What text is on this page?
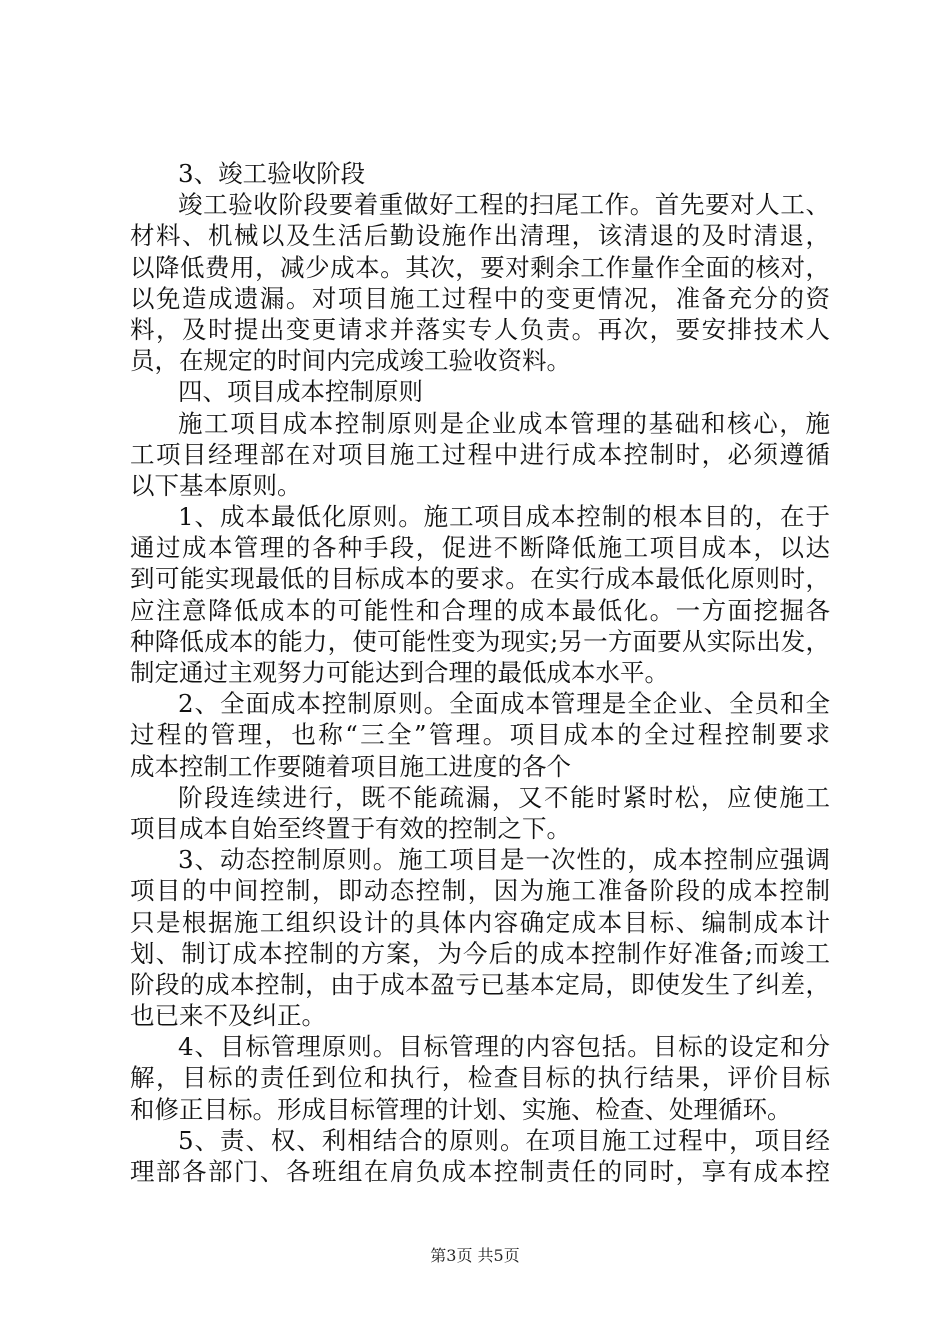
3、竣工验收阶段
竣工验收阶段要着重做好工程的扫尾工作。首先要对人工、
材料、机械以及生活后勤设施作出清理，该清退的及时清退，
以降低费用，减少成本。其次，要对剩余工作量作全面的核对，
以免造成遗漏。对项目施工过程中的变更情况，准备充分的资
料，及时提出变更请求并落实专人负责。再次，要安排技术人
员，在规定的时间内完成竣工验收资料。
四、项目成本控制原则
施工项目成本控制原则是企业成本管理的基础和核心，施
工项目经理部在对项目施工过程中进行成本控制时，必须遵循
以下基本原则。
1、成本最低化原则。施工项目成本控制的根本目的，在于
通过成本管理的各种手段，促进不断降低施工项目成本，以达
到可能实现最低的目标成本的要求。在实行成本最低化原则时，
应注意降低成本的可能性和合理的成本最低化。一方面挖掘各
种降低成本的能力，使可能性变为现实;另一方面要从实际出发，
制定通过主观努力可能达到合理的最低成本水平。
2、全面成本控制原则。全面成本管理是全企业、全员和全
过程的管理，也称“三全”管理。项目成本的全过程控制要求
成本控制工作要随着项目施工进度的各个
阶段连续进行，既不能疏漏，又不能时紧时松，应使施工
项目成本自始至终置于有效的控制之下。
3、动态控制原则。施工项目是一次性的，成本控制应强调
项目的中间控制，即动态控制，因为施工准备阶段的成本控制
只是根据施工组织设计的具体内容确定成本目标、编制成本计
划、制订成本控制的方案，为今后的成本控制作好准备;而竣工
阶段的成本控制，由于成本盈亏已基本定局，即使发生了纠差，
也已来不及纠正。
4、目标管理原则。目标管理的内容包括。目标的设定和分
解，目标的责任到位和执行，检查目标的执行结果，评价目标
和修正目标。形成目标管理的计划、实施、检查、处理循环。
5、责、权、利相结合的原则。在项目施工过程中，项目经
理部各部门、各班组在肩负成本控制责任的同时，享有成本控
第3页 共5页
